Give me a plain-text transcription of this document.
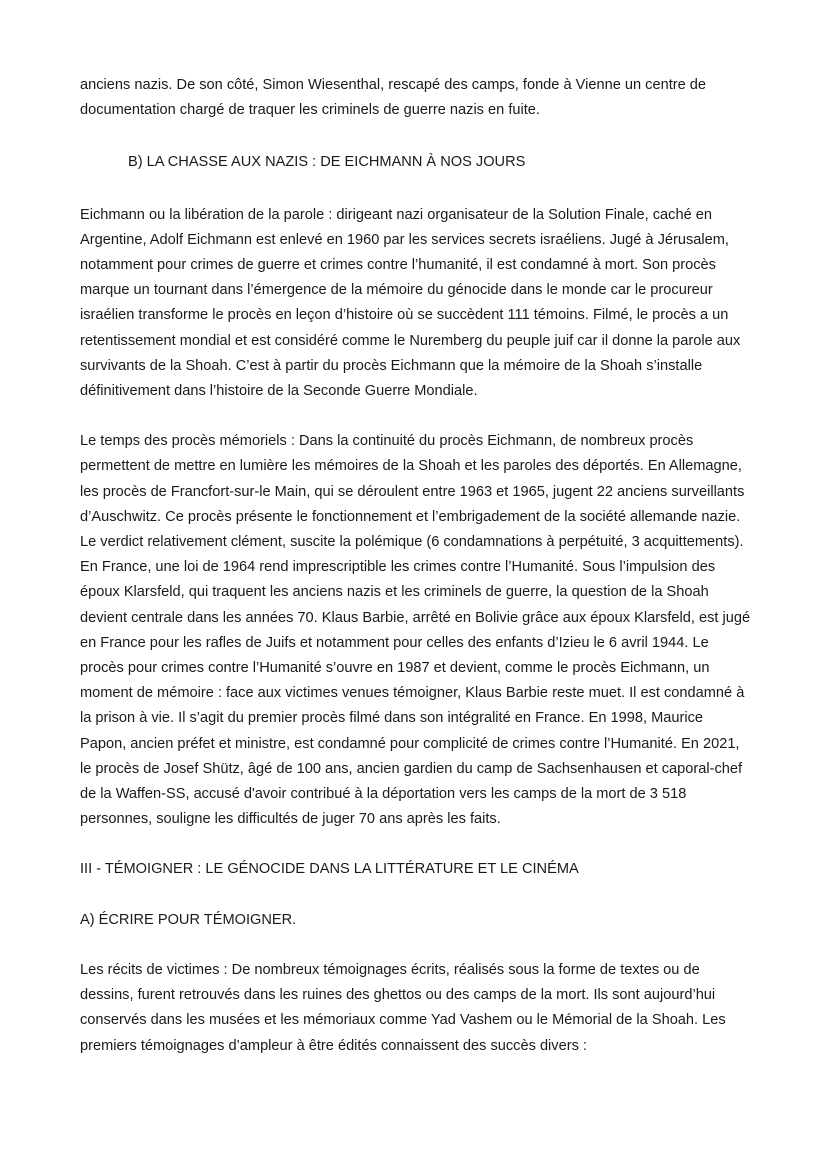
anciens nazis. De son côté, Simon Wiesenthal, rescapé des camps, fonde à Vienne un centre de documentation chargé de traquer les criminels de guerre nazis en fuite.

B) LA CHASSE AUX NAZIS : DE EICHMANN À NOS JOURS

Eichmann ou la libération de la parole : dirigeant nazi organisateur de la Solution Finale, caché en Argentine, Adolf Eichmann est enlevé en 1960 par les services secrets israéliens. Jugé à Jérusalem, notamment pour crimes de guerre et crimes contre l’humanité, il est condamné à mort. Son procès marque un tournant dans l’émergence de la mémoire du génocide dans le monde car le procureur israélien transforme le procès en leçon d’histoire où se succèdent 111 témoins. Filmé, le procès a un retentissement mondial et est considéré comme le Nuremberg du peuple juif car il donne la parole aux survivants de la Shoah. C’est à partir du procès Eichmann que la mémoire de la Shoah s’installe définitivement dans l’histoire de la Seconde Guerre Mondiale.

Le temps des procès mémoriels : Dans la continuité du procès Eichmann, de nombreux procès permettent de mettre en lumière les mémoires de la Shoah et les paroles des déportés. En Allemagne, les procès de Francfort-sur-le Main, qui se déroulent entre 1963 et 1965, jugent 22 anciens surveillants d’Auschwitz. Ce procès présente le fonctionnement et l’embrigadement de la société allemande nazie. Le verdict relativement clément, suscite la polémique (6 condamnations à perpétuité, 3 acquittements). En France, une loi de 1964 rend imprescriptible les crimes contre l’Humanité. Sous l’impulsion des époux Klarsfeld, qui traquent les anciens nazis et les criminels de guerre, la question de la Shoah devient centrale dans les années 70. Klaus Barbie, arrêté en Bolivie grâce aux époux Klarsfeld, est jugé en France pour les rafles de Juifs et notamment pour celles des enfants d’Izieu le 6 avril 1944. Le procès pour crimes contre l’Humanité s’ouvre en 1987 et devient, comme le procès Eichmann, un moment de mémoire : face aux victimes venues témoigner, Klaus Barbie reste muet. Il est condamné à la prison à vie. Il s’agit du premier procès filmé dans son intégralité en France. En 1998, Maurice Papon, ancien préfet et ministre, est condamné pour complicité de crimes contre l’Humanité. En 2021, le procès de Josef Shütz, âgé de 100 ans, ancien gardien du camp de Sachsenhausen et caporal-chef de la Waffen-SS, accusé d'avoir contribué à la déportation vers les camps de la mort de 3 518 personnes, souligne les difficultés de juger 70 ans après les faits.

III - TÉMOIGNER : LE GÉNOCIDE DANS LA LITTÉRATURE ET LE CINÉMA

A) ÉCRIRE POUR TÉMOIGNER.

Les récits de victimes : De nombreux témoignages écrits, réalisés sous la forme de textes ou de dessins, furent retrouvés dans les ruines des ghettos ou des camps de la mort. Ils sont aujourd’hui conservés dans les musées et les mémoriaux comme Yad Vashem ou le Mémorial de la Shoah. Les premiers témoignages d’ampleur à être édités connaissent des succès divers :
